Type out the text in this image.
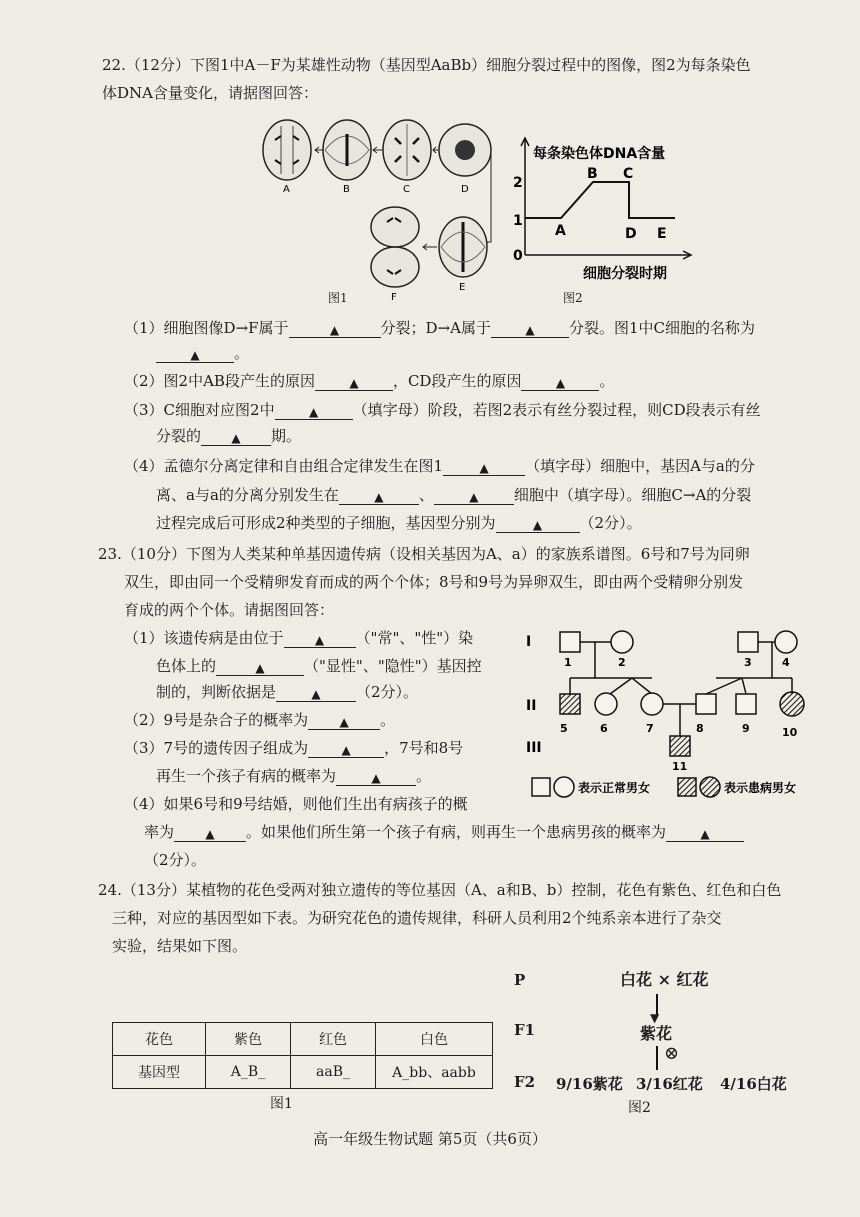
22.（12分）下图1中A－F为某雄性动物（基因型AaBb）细胞分裂过程中的图像，图2为每条染色
体DNA含量变化，请据图回答：
A	B	C	D
E
F
图1
每条染色体DNA含量
0
1
2
A
B C
D E
细胞分裂时期
图2
（1）细胞图像D→F属于	▲	分裂；D→A属于	▲ 分裂。图1中C细胞的名称为
▲ 。
（2）图2中AB段产生的原因	▲ ，CD段产生的原因	▲ 。
（3）C细胞对应图2中	▲ （填字母）阶段，若图2表示有丝分裂过程，则CD段表示有丝
分裂的	▲ 期。
（4）孟德尔分离定律和自由组合定律发生在图1	▲ （填字母）细胞中，基因A与a的分
离、a与a的分离分别发生在	▲ 、	▲ 细胞中（填字母）。细胞C→A的分裂
过程完成后可形成2种类型的子细胞，基因型分别为	▲ （2分）。
23.（10分）下图为人类某种单基因遗传病（设相关基因为A、a）的家族系谱图。6号和7号为同卵
双生，即由同一个受精卵发育而成的两个个体；8号和9号为异卵双生，即由两个受精卵分别发
育成的两个个体。请据图回答：
（1）该遗传病是由位于	▲ （"常"、"性"）染
色体上的	▲	（"显性"、"隐性"）基因控
制的，判断依据是	▲ （2分）。
（2）9号是杂合子的概率为	▲ 。
（3）7号的遗传因子组成为	▲ ，7号和8号
再生一个孩子有病的概率为	▲ 。
（4）如果6号和9号结婚，则他们生出有病孩子的概
率为	▲ 。如果他们所生第一个孩子有病，则再生一个患病男孩的概率为	▲
（2分）。
I
II
III
1	2	3	4
5	6	7	8	9	10
11
表示正常男女	表示患病男女
24.（13分）某植物的花色受两对独立遗传的等位基因（A、a和B、b）控制，花色有紫色、红色和白色
三种，对应的基因型如下表。为研究花色的遗传规律，科研人员利用2个纯系亲本进行了杂交
实验，结果如下图。
花色	紫色	红色	白色
基因型	A_B_	aaB_	A_bb、aabb
图1
P	白花 × 红花
▼
F1	紫花
⊗
F2 9/16紫花 3/16红花 4/16白花
图2
高一年级生物试题 第5页（共6页）
